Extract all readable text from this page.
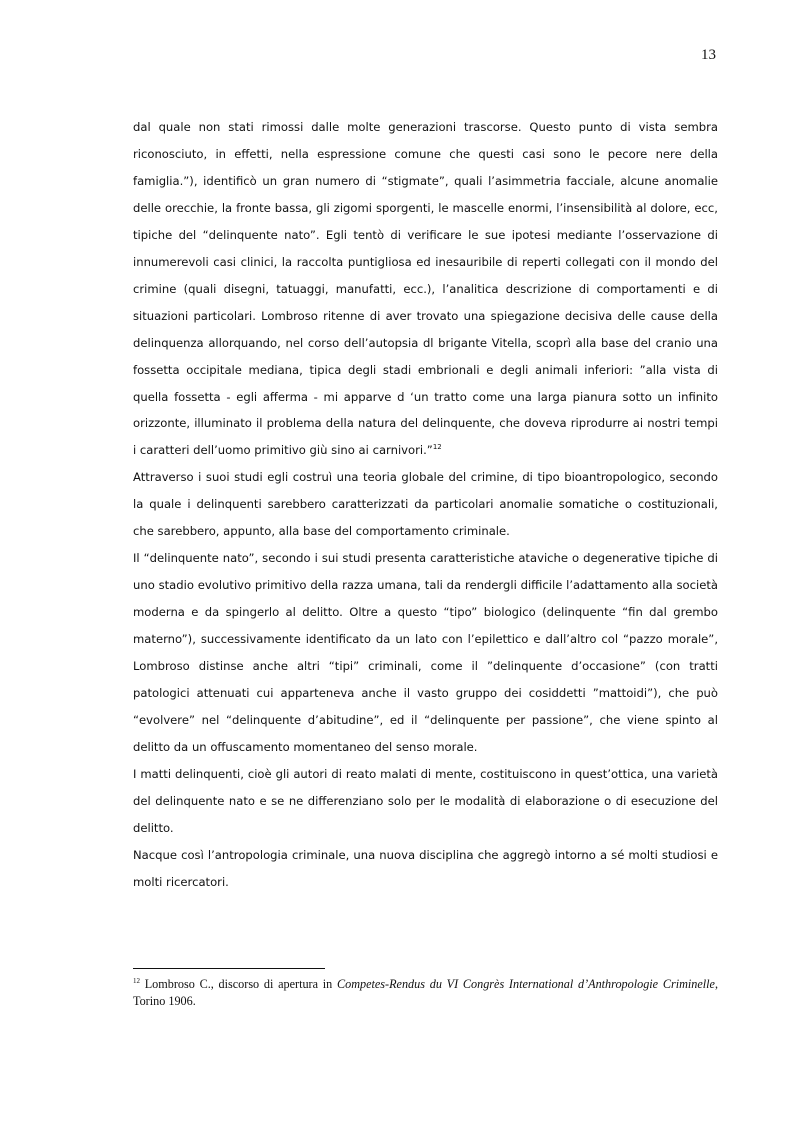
13

dal quale non stati rimossi dalle molte generazioni trascorse. Questo punto di vista sembra riconosciuto, in effetti, nella espressione comune che questi casi sono le pecore nere della famiglia.”), identificò un gran numero di “stigmate”, quali l’asimmetria facciale, alcune anomalie delle orecchie, la fronte bassa, gli zigomi sporgenti, le mascelle enormi, l’insensibilità al dolore, ecc, tipiche del “delinquente nato”. Egli tentò di verificare le sue ipotesi mediante l’osservazione di innumerevoli casi clinici, la raccolta puntigliosa ed inesauribile di reperti collegati con il mondo del crimine (quali disegni, tatuaggi, manufatti, ecc.), l’analitica descrizione di comportamenti e di situazioni particolari. Lombroso ritenne di aver trovato una spiegazione decisiva delle cause della delinquenza allorquando, nel corso dell’autopsia dl brigante Vitella, scoprì alla base del cranio una fossetta occipitale mediana, tipica degli stadi embrionali e degli animali inferiori: ”alla vista di quella fossetta - egli afferma - mi apparve d ‘un tratto come una larga pianura sotto un infinito orizzonte, illuminato il problema della natura del delinquente, che doveva riprodurre ai nostri tempi i caratteri dell’uomo primitivo giù sino ai carnivori.”$^{12}$

Attraverso i suoi studi egli costruì una teoria globale del crimine, di tipo bioantropologico, secondo la quale i delinquenti sarebbero caratterizzati da particolari anomalie somatiche o costituzionali, che sarebbero, appunto, alla base del comportamento criminale.

Il “delinquente nato”, secondo i sui studi presenta caratteristiche ataviche o degenerative tipiche di uno stadio evolutivo primitivo della razza umana, tali da rendergli difficile l’adattamento alla società moderna e da spingerlo al delitto. Oltre a questo “tipo” biologico (delinquente “fin dal grembo materno”), successivamente identificato da un lato con l’epilettico e dall’altro col “pazzo morale”, Lombroso distinse anche altri “tipi” criminali, come il ”delinquente d’occasione” (con tratti patologici attenuati cui apparteneva anche il vasto gruppo dei cosiddetti ”mattoidi”), che può “evolvere” nel “delinquente d’abitudine”, ed il “delinquente per passione”, che viene spinto al delitto da un offuscamento momentaneo del senso morale.

I matti delinquenti, cioè gli autori di reato malati di mente, costituiscono in quest’ottica, una varietà del delinquente nato e se ne differenziano solo per le modalità di elaborazione o di esecuzione del delitto.

Nacque così l’antropologia criminale, una nuova disciplina che aggregò intorno a sé molti studiosi e molti ricercatori.

$^{12}$ Lombroso C., discorso di apertura in Competes-Rendus du VI Congrès International d’Anthropologie Criminelle, Torino 1906.
